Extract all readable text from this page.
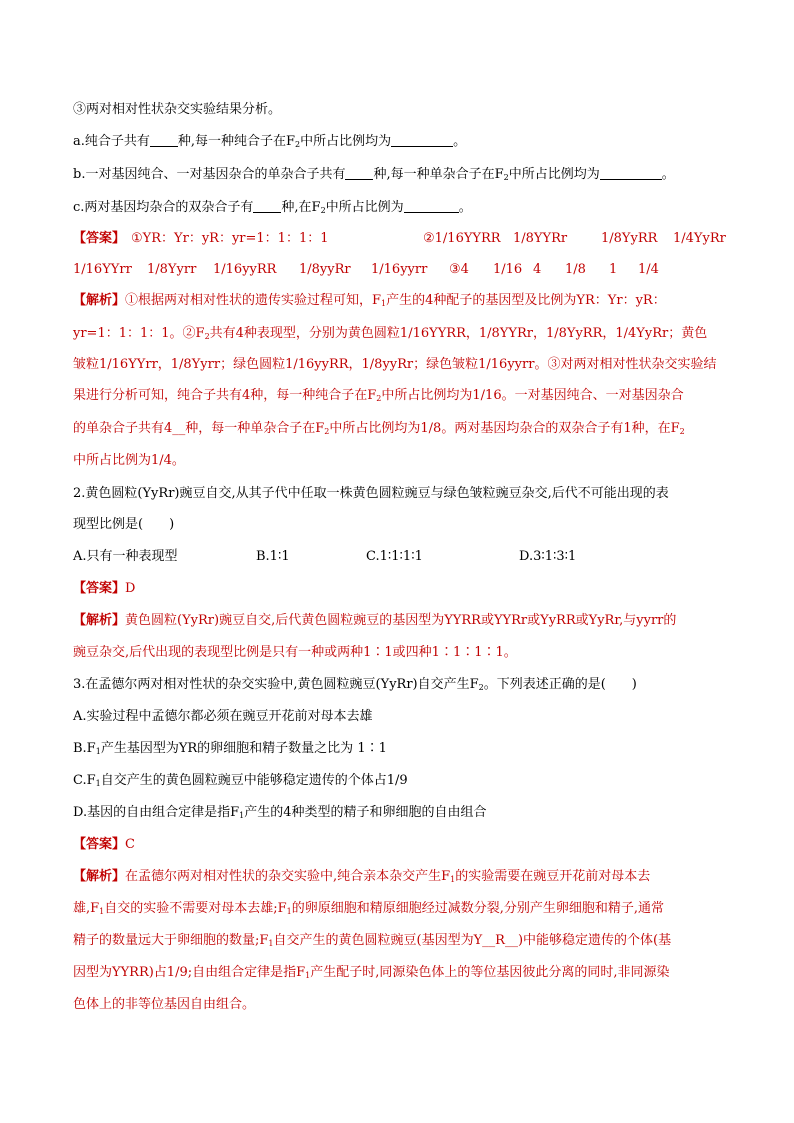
③两对相对性状杂交实验结果分析。
a.纯合子共有 种,每一种纯合子在$F_2$中所占比例均为	。
b.一对基因纯合、一对基因杂合的单杂合子共有 种,每一种单杂合子在$F_2$中所占比例均为	。
c.两对基因均杂合的双杂合子有 种,在$F_2$中所占比例为	。
【答案】 ①YR：Yr：yR：yr=1：1：1：1	②1/16YYRR 1/8YYRr	1/8YyRR 1/4YyRr
1/16YYrr 1/8Yyrr 1/16yyRR 1/8yyRr 1/16yyrr ③4 1/16 4 1/8 1 1/4
【解析】①根据两对相对性状的遗传实验过程可知，$F_1$产生的4种配子的基因型及比例为YR：Yr：yR：
yr=1：1：1：1。$②F_2$共有4种表现型，分别为黄色圆粒1/16YYRR，1/8YYRr，1/8YyRR，1/4YyRr；黄色
皱粒1/16YYrr，1/8Yyrr；绿色圆粒1/16yyRR，1/8yyRr；绿色皱粒1/16yyrr。③对两对相对性状杂交实验结
果进行分析可知，纯合子共有4种，每一种纯合子在$F_2$中所占比例均为1/16。一对基因纯合、一对基因杂合
的单杂合子共有4__种，每一种单杂合子在$F_2$中所占比例均为1/8。两对基因均杂合的双杂合子有1种，在$F_2$
中所占比例为1/4。
2.黄色圆粒(YyRr)豌豆自交,从其子代中任取一株黄色圆粒豌豆与绿色皱粒豌豆杂交,后代不可能出现的表
现型比例是(　　)
A.只有一种表现型	B.1∶1	C.1∶1∶1∶1	D.3∶1∶3∶1
【答案】D
【解析】黄色圆粒(YyRr)豌豆自交,后代黄色圆粒豌豆的基因型为YYRR或YYRr或YyRR或YyRr,与yyrr的
豌豆杂交,后代出现的表现型比例是只有一种或两种1∶1或四种1∶1∶1∶1。
3.在孟德尔两对相对性状的杂交实验中,黄色圆粒豌豆(YyRr)自交产生$F_2$。下列表述正确的是(　　)
A.实验过程中孟德尔都必须在豌豆开花前对母本去雄
$B.F_1$产生基因型为YR的卵细胞和精子数量之比为 1∶1
$C.F_1$自交产生的黄色圆粒豌豆中能够稳定遗传的个体占1/9
D.基因的自由组合定律是指$F_1$产生的4种类型的精子和卵细胞的自由组合
【答案】C
【解析】在孟德尔两对相对性状的杂交实验中,纯合亲本杂交产生$F_1$的实验需要在豌豆开花前对母本去
雄$,F_1$自交的实验不需要对母本去雄$;F_1$的卵原细胞和精原细胞经过减数分裂,分别产生卵细胞和精子,通常
精子的数量远大于卵细胞的数量$;F_1$自交产生的黄色圆粒豌豆(基因型为Y__R__)中能够稳定遗传的个体(基
因型为YYRR)占1/9;自由组合定律是指$F_1$产生配子时,同源染色体上的等位基因彼此分离的同时,非同源染
色体上的非等位基因自由组合。
